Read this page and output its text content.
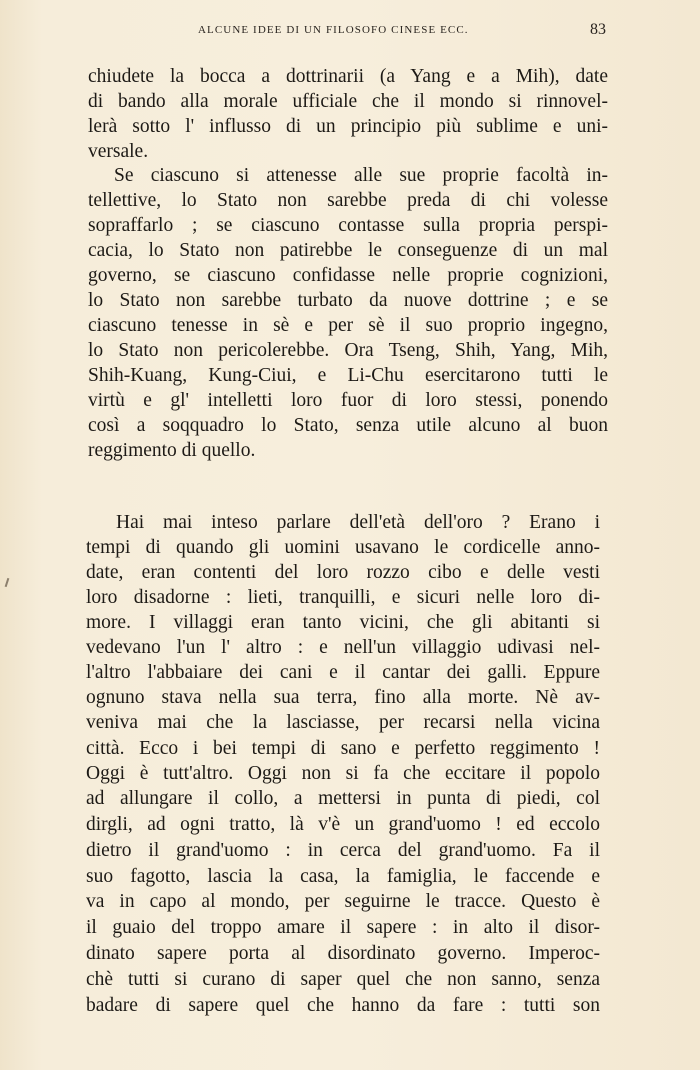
ALCUNE IDEE DI UN FILOSOFO CINESE ECC.	83
chiudete la bocca a dottrinarii (a Yang e a Mih), date
di bando alla morale ufficiale che il mondo si rinnovel-
lerà sotto l' influsso di un principio più sublime e uni-
versale.
Se ciascuno si attenesse alle sue proprie facoltà in-
tellettive, lo Stato non sarebbe preda di chi volesse
sopraffarlo ; se ciascuno contasse sulla propria perspi-
cacia, lo Stato non patirebbe le conseguenze di un mal
governo, se ciascuno confidasse nelle proprie cognizioni,
lo Stato non sarebbe turbato da nuove dottrine ; e se
ciascuno tenesse in sè e per sè il suo proprio ingegno,
lo Stato non pericolerebbe. Ora Tseng, Shih, Yang, Mih,
Shih-Kuang, Kung-Ciui, e Li-Chu esercitarono tutti le
virtù e gl' intelletti loro fuor di loro stessi, ponendo
così a soqquadro lo Stato, senza utile alcuno al buon
reggimento di quello.
Hai mai inteso parlare dell'età dell'oro ? Erano i
tempi di quando gli uomini usavano le cordicelle anno-
date, eran contenti del loro rozzo cibo e delle vesti
loro disadorne : lieti, tranquilli, e sicuri nelle loro di-
more. I villaggi eran tanto vicini, che gli abitanti si
vedevano l'un l' altro : e nell'un villaggio udivasi nel-
l'altro l'abbaiare dei cani e il cantar dei galli. Eppure
ognuno stava nella sua terra, fino alla morte. Nè av-
veniva mai che la lasciasse, per recarsi nella vicina
città. Ecco i bei tempi di sano e perfetto reggimento !
Oggi è tutt'altro. Oggi non si fa che eccitare il popolo
ad allungare il collo, a mettersi in punta di piedi, col
dirgli, ad ogni tratto, là v'è un grand'uomo ! ed eccolo
dietro il grand'uomo : in cerca del grand'uomo. Fa il
suo fagotto, lascia la casa, la famiglia, le faccende e
va in capo al mondo, per seguirne le tracce. Questo è
il guaio del troppo amare il sapere : in alto il disor-
dinato sapere porta al disordinato governo. Imperoc-
chè tutti si curano di saper quel che non sanno, senza
badare di sapere quel che hanno da fare : tutti son
